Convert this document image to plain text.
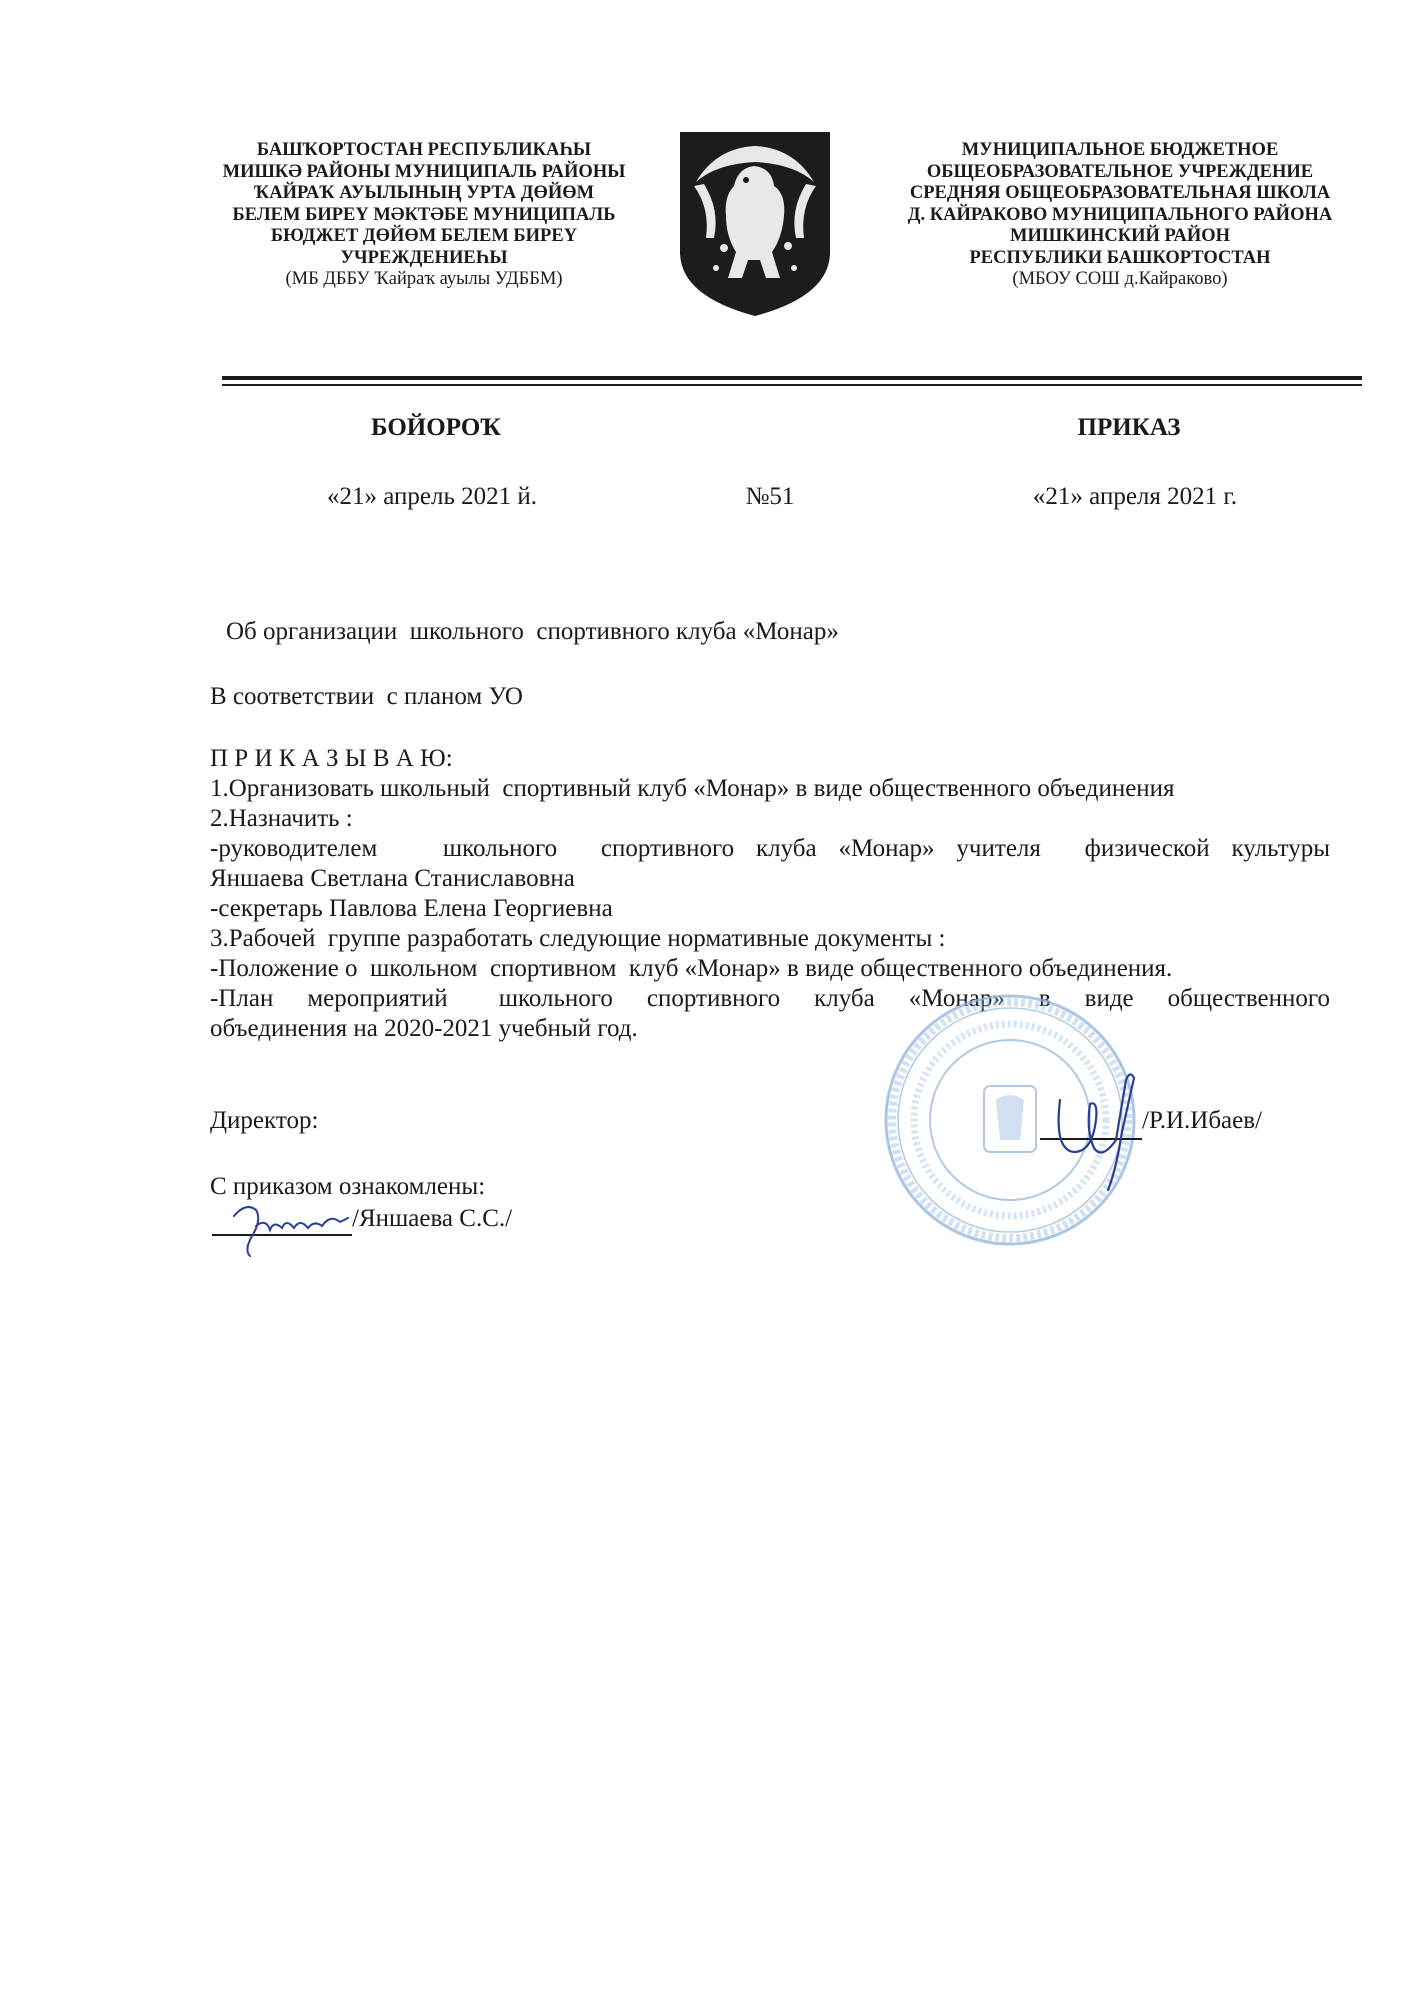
БАШҠОРТОСТАН РЕСПУБЛИКАҺЫ
МИШКӘ РАЙОНЫ МУНИЦИПАЛЬ РАЙОНЫ
ҠАЙРАҠ АУЫЛЫНЫҢ УРТА ДӨЙӨМ
БЕЛЕМ БИРЕҮ МӘКТӘБЕ МУНИЦИПАЛЬ
БЮДЖЕТ ДӨЙӨМ БЕЛЕМ БИРЕҮ
УЧРЕЖДЕНИЕҺЫ
(МБ ДББУ Ҡайраҡ ауылы УДББМ)
МУНИЦИПАЛЬНОЕ БЮДЖЕТНОЕ
ОБЩЕОБРАЗОВАТЕЛЬНОЕ УЧРЕЖДЕНИЕ
СРЕДНЯЯ ОБЩЕОБРАЗОВАТЕЛЬНАЯ ШКОЛА
Д. КАЙРАКОВО МУНИЦИПАЛЬНОГО РАЙОНА
МИШКИНСКИЙ РАЙОН
РЕСПУБЛИКИ БАШКОРТОСТАН
(МБОУ СОШ д.Кайраково)
БОЙОРОҠ	ПРИКАЗ
«21» апрель 2021 й.	№51	«21» апреля 2021 г.
Об организации  школьного  спортивного клуба «Монар»
В соответствии  с планом УО
П Р И К А З Ы В А Ю:
1.Организовать школьный  спортивный клуб «Монар» в виде общественного объединения
2.Назначить :
-руководителем   школьного  спортивного клуба «Монар» учителя  физической культуры
Яншаева Светлана Станиславовна
-секретарь Павлова Елена Георгиевна
3.Рабочей  группе разработать следующие нормативные документы :
-Положение о  школьном  спортивном  клуб «Монар» в виде общественного объединения.
-План  мероприятий   школьного  спортивного  клуба  «Монар»  в  виде  общественного
объединения на 2020-2021 учебный год.
Директор:	/Р.И.Ибаев/
С приказом ознакомлены:
/Яншаева С.С./
